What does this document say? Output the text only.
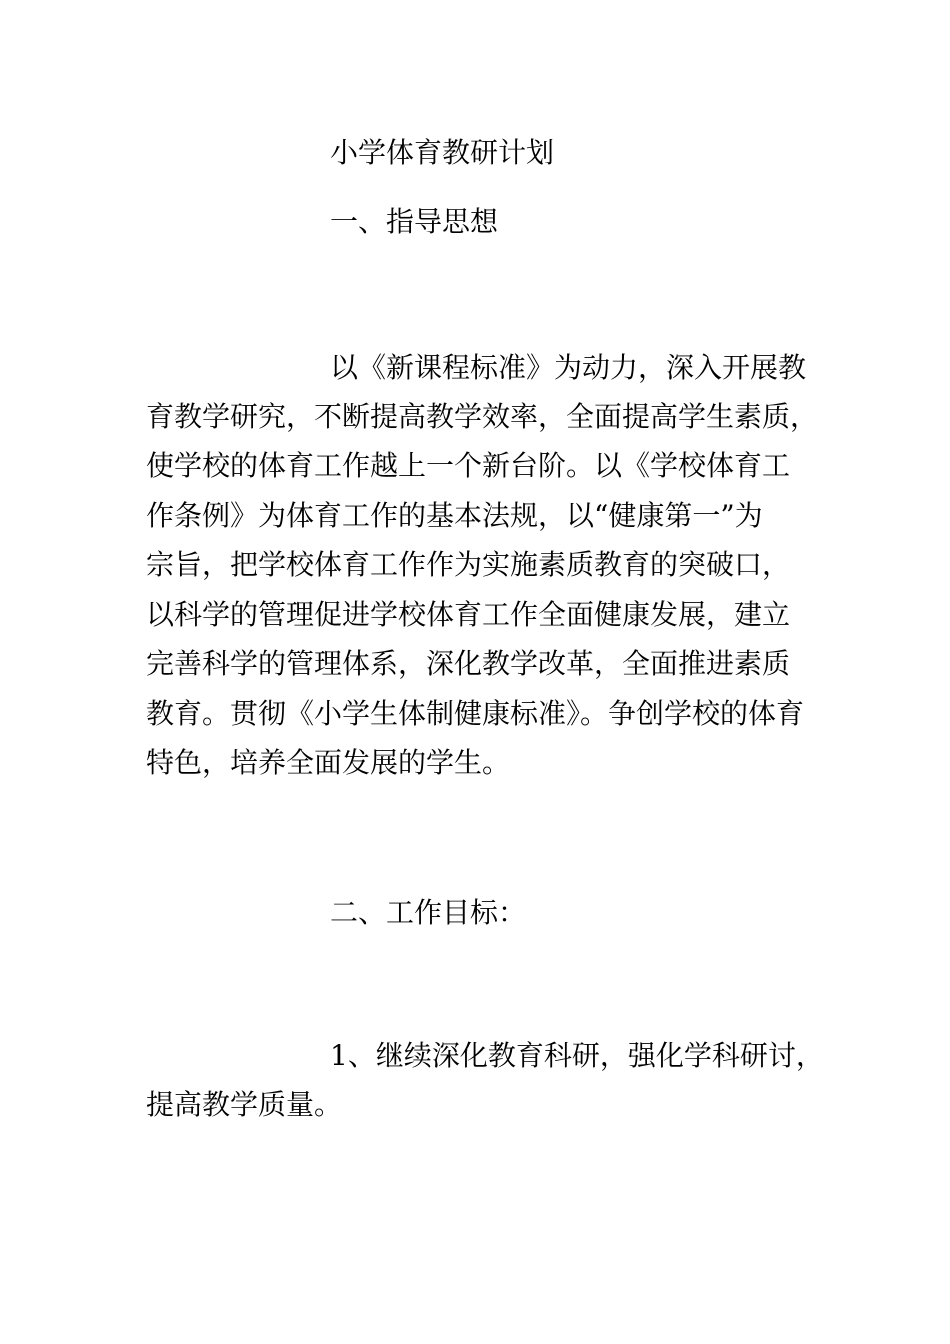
小学体育教研计划
一、指导思想
以《新课程标准》为动力，深入开展教
育教学研究，不断提高教学效率，全面提高学生素质，
使学校的体育工作越上一个新台阶。以《学校体育工
作条例》为体育工作的基本法规，以“健康第一”为
宗旨，把学校体育工作作为实施素质教育的突破口，
以科学的管理促进学校体育工作全面健康发展，建立
完善科学的管理体系，深化教学改革，全面推进素质
教育。贯彻《小学生体制健康标准》。争创学校的体育
特色，培养全面发展的学生。
二、工作目标：
1、继续深化教育科研，强化学科研讨，
提高教学质量。
